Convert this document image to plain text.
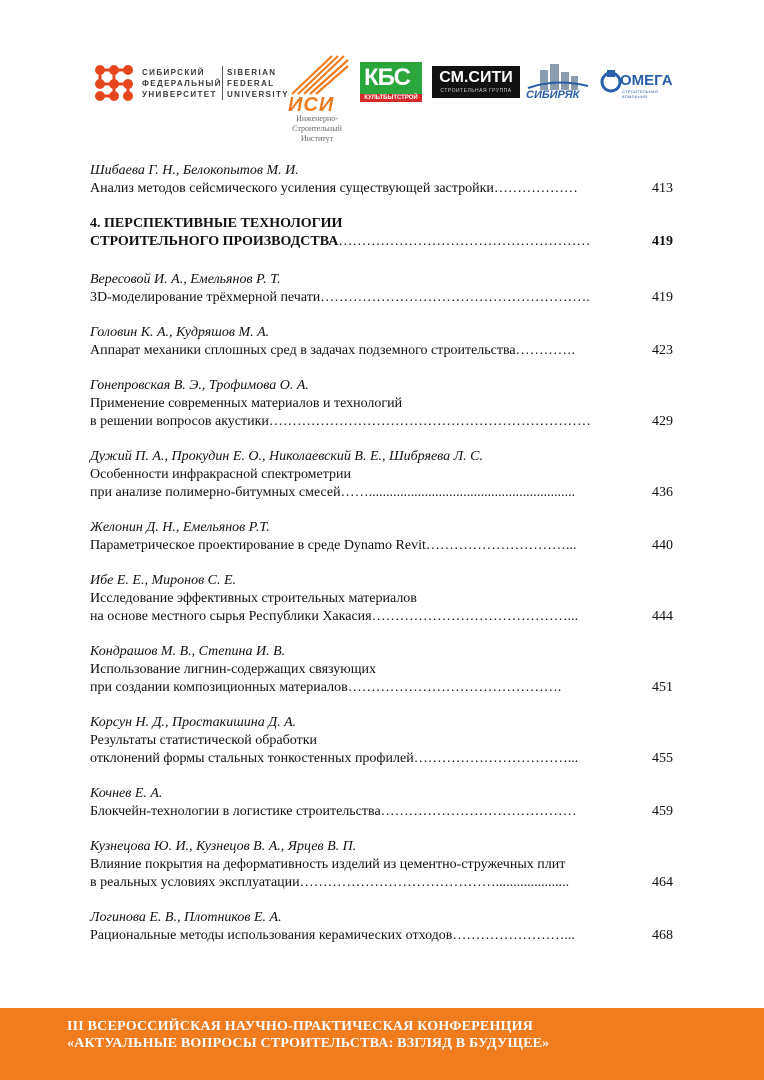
СИБИРСКИЙ
ФЕДЕРАЛЬНЫЙ
УНИВЕРСИТЕТ
SIBERIAN
FEDERAL
UNIVERSITY
ИСИ
Инженерно-
Строительный
Институт
КБС
КУЛЬТБЫТСТРОЙ
СМ.СИТИ
СТРОИТЕЛЬНАЯ ГРУППА	СИБИРЯК
ОМЕГА
СТРОИТЕЛЬНАЯ КОМПАНИЯ
Шибаева Г. Н., Белокопытов М. И.
Анализ методов сейсмического усиления существующей застройки………………	413
4. ПЕРСПЕКТИВНЫЕ ТЕХНОЛОГИИ
СТРОИТЕЛЬНОГО ПРОИЗВОДСТВА………………………………………………	419
Вересовой И. А., Емельянов Р. Т.
3D-моделирование трёхмерной печати………………………………………………….	419
Головин К. А., Кудряшов М. А.
Аппарат механики сплошных сред в задачах подземного строительства………….	423
Гонепровская В. Э., Трофимова О. А.
Применение современных материалов и технологий
в решении вопросов акустики……………………………………………………………	429
Дужий П. А., Прокудин Е. О., Николаевский В. Е., Шибряева Л. С.
Особенности инфракрасной спектрометрии
при анализе полимерно-битумных смесей……...........................................................	436
Желонин Д. Н., Емельянов Р.Т.
Параметрическое проектирование в среде Dynamo Revit…………………………...	440
Ибе Е. Е., Миронов С. Е.
Исследование эффективных строительных материалов
на основе местного сырья Республики Хакасия……………………………………...	444
Кондрашов М. В., Степина И. В.
Использование лигнин-содержащих связующих
при создании композиционных материалов……………………………………….	451
Корсун Н. Д., Простакишина Д. А.
Результаты статистической обработки
отклонений формы стальных тонкостенных профилей……………………………...	455
Кочнев Е. А.
Блокчейн-технологии в логистике строительства……………………………………	459
Кузнецова Ю. И., Кузнецов В. А., Ярцев В. П.
Влияние покрытия на деформативность изделий из цементно-стружечных плит
в реальных условиях эксплуатации…………………………………….....................	464
Логинова Е. В., Плотников Е. А.
Рациональные методы использования керамических отходов……………………...	468
III ВСЕРОССИЙСКАЯ НАУЧНО-ПРАКТИЧЕСКАЯ КОНФЕРЕНЦИЯ
«АКТУАЛЬНЫЕ ВОПРОСЫ СТРОИТЕЛЬСТВА: ВЗГЛЯД В БУДУЩЕЕ»
